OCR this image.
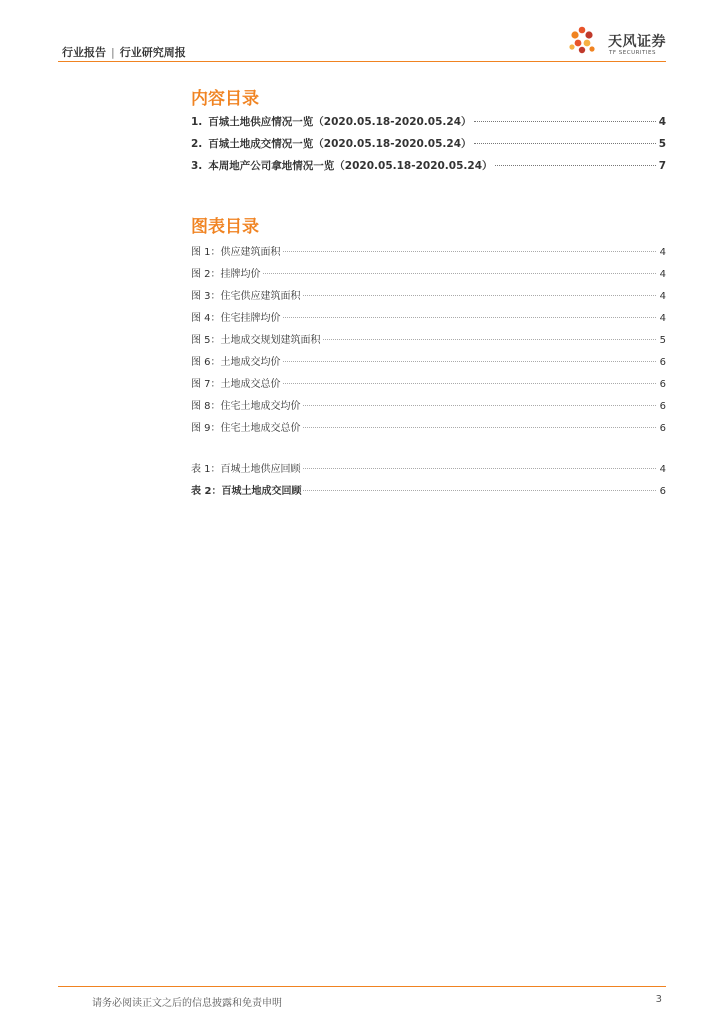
行业报告 | 行业研究周报
天风证券
TF SECURITIES
内容目录
1. 百城土地供应情况一览（2020.05.18-2020.05.24）	4
2. 百城土地成交情况一览（2020.05.18-2020.05.24）	5
3. 本周地产公司拿地情况一览（2020.05.18-2020.05.24）	7
图表目录
图 1：供应建筑面积	4
图 2：挂牌均价	4
图 3：住宅供应建筑面积	4
图 4：住宅挂牌均价	4
图 5：土地成交规划建筑面积	5
图 6：土地成交均价	6
图 7：土地成交总价	6
图 8：住宅土地成交均价	6
图 9：住宅土地成交总价	6
表 1：百城土地供应回顾	4
表 2：百城土地成交回顾	6
请务必阅读正文之后的信息披露和免责申明	3
